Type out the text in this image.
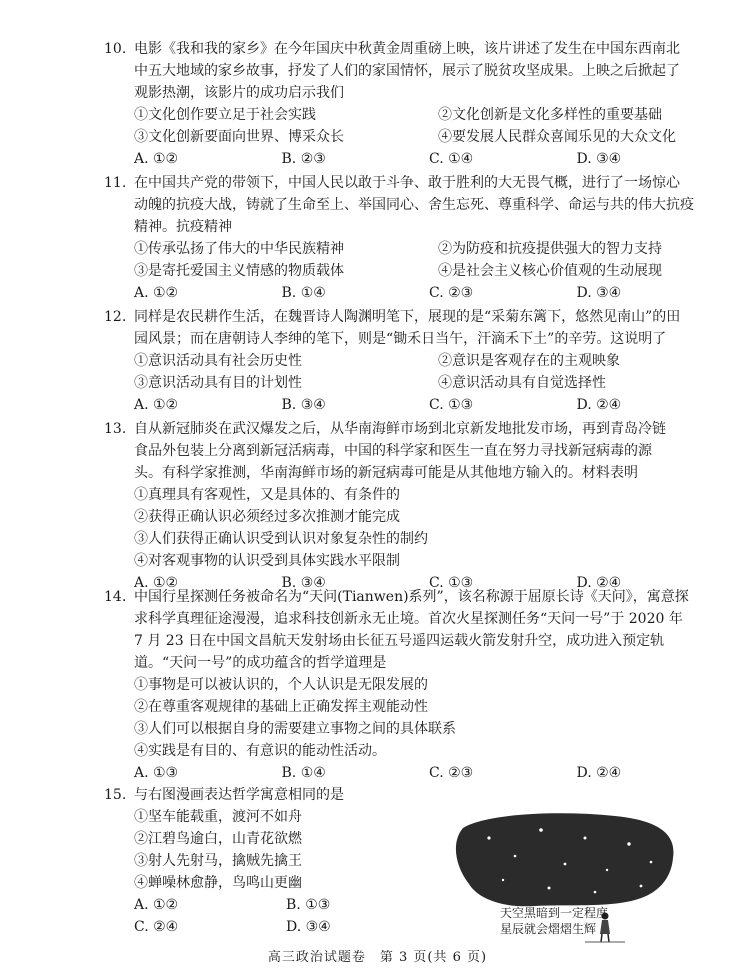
10. 电影《我和我的家乡》在今年国庆中秋黄金周重磅上映，该片讲述了发生在中国东西南北
中五大地域的家乡故事，抒发了人们的家国情怀，展示了脱贫攻坚成果。上映之后掀起了
观影热潮，该影片的成功启示我们
①文化创作要立足于社会实践	②文化创新是文化多样性的重要基础
③文化创新要面向世界、博采众长	④要发展人民群众喜闻乐见的大众文化
A. ①②	B. ②③	C. ①④	D. ③④
11. 在中国共产党的带领下，中国人民以敢于斗争、敢于胜利的大无畏气概，进行了一场惊心
动魄的抗疫大战，铸就了生命至上、举国同心、舍生忘死、尊重科学、命运与共的伟大抗疫
精神。抗疫精神
①传承弘扬了伟大的中华民族精神	②为防疫和抗疫提供强大的智力支持
③是寄托爱国主义情感的物质载体	④是社会主义核心价值观的生动展现
A. ①②	B. ①④	C. ②③	D. ③④
12. 同样是农民耕作生活，在魏晋诗人陶渊明笔下，展现的是“采菊东篱下，悠然见南山”的田
园风景；而在唐朝诗人李绅的笔下，则是“锄禾日当午，汗滴禾下土”的辛劳。这说明了
①意识活动具有社会历史性	②意识是客观存在的主观映象
③意识活动具有目的计划性	④意识活动具有自觉选择性
A. ①②	B. ③④	C. ①③	D. ②④
13. 自从新冠肺炎在武汉爆发之后，从华南海鲜市场到北京新发地批发市场，再到青岛冷链
食品外包装上分离到新冠活病毒，中国的科学家和医生一直在努力寻找新冠病毒的源
头。有科学家推测，华南海鲜市场的新冠病毒可能是从其他地方输入的。材料表明
①真理具有客观性，又是具体的、有条件的
②获得正确认识必须经过多次推测才能完成
③人们获得正确认识受到认识对象复杂性的制约
④对客观事物的认识受到具体实践水平限制
A. ①②	B. ③④	C. ①③	D. ②④
14. 中国行星探测任务被命名为“天问(Tianwen)系列”，该名称源于屈原长诗《天问》，寓意探
求科学真理征途漫漫，追求科技创新永无止境。首次火星探测任务“天问一号”于 2020 年
7 月 23 日在中国文昌航天发射场由长征五号遥四运载火箭发射升空，成功进入预定轨
道。“天问一号”的成功蕴含的哲学道理是
①事物是可以被认识的，个人认识是无限发展的
②在尊重客观规律的基础上正确发挥主观能动性
③人们可以根据自身的需要建立事物之间的具体联系
④实践是有目的、有意识的能动性活动。
A. ①③	B. ①④	C. ②③	D. ②④
15. 与右图漫画表达哲学寓意相同的是
①坚车能载重，渡河不如舟
②江碧鸟逾白，山青花欲燃
③射人先射马，擒贼先擒王
④蝉噪林愈静，鸟鸣山更幽
A. ①②	B. ①③
C. ②④	D. ③④
天空黑暗到一定程度
星辰就会熠熠生辉
高三政治试题卷　第 3 页(共 6 页)
